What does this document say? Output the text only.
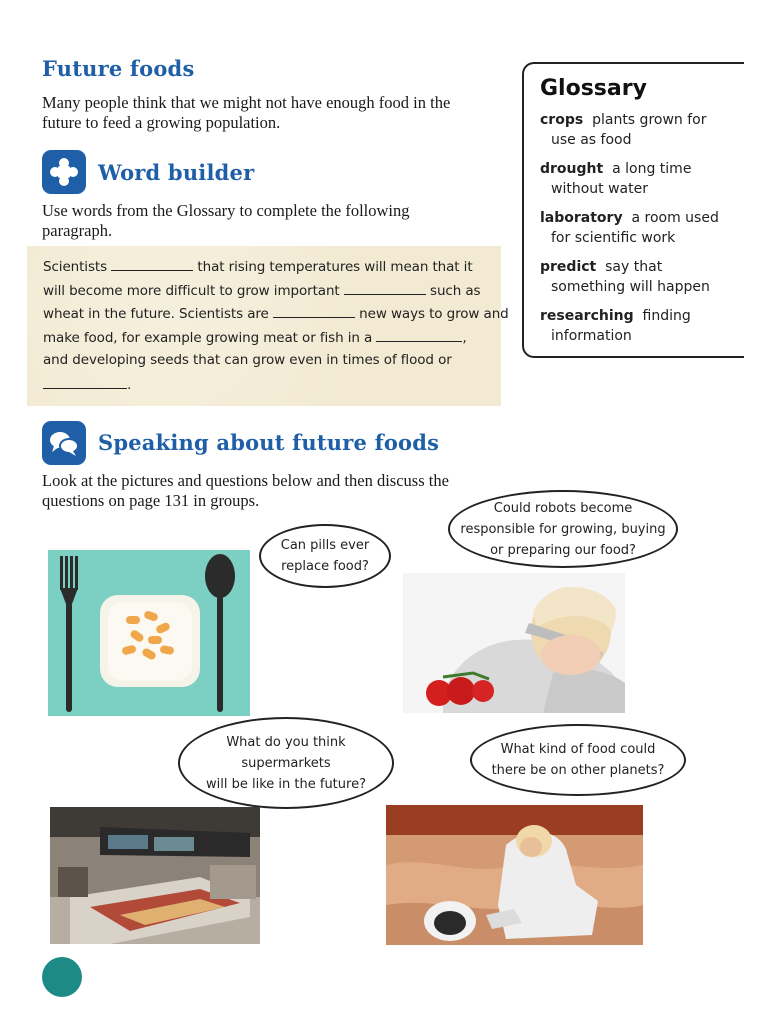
Future foods
Many people think that we might not have enough food in the
future to feed a growing population.
Word builder
Use words from the Glossary to complete the following
paragraph.
Scientists	that rising temperatures will mean that it
will become more difficult to grow important	such as
wheat in the future. Scientists are	new ways to grow and
make food, for example growing meat or fish in a	,
and developing seeds that can grow even in times of flood or
.
Glossary
crops plants grown for
use as food
drought a long time
without water
laboratory a room used
for scientific work
predict say that
something will happen
researching finding
information
Speaking about future foods
Look at the pictures and questions below and then discuss the
questions on page 131 in groups.	Could robots become
responsible for growing, buying
or preparing our food?
Can pills ever
replace food?
What do you think
supermarkets
will be like in the future?
What kind of food could
there be on other planets?
